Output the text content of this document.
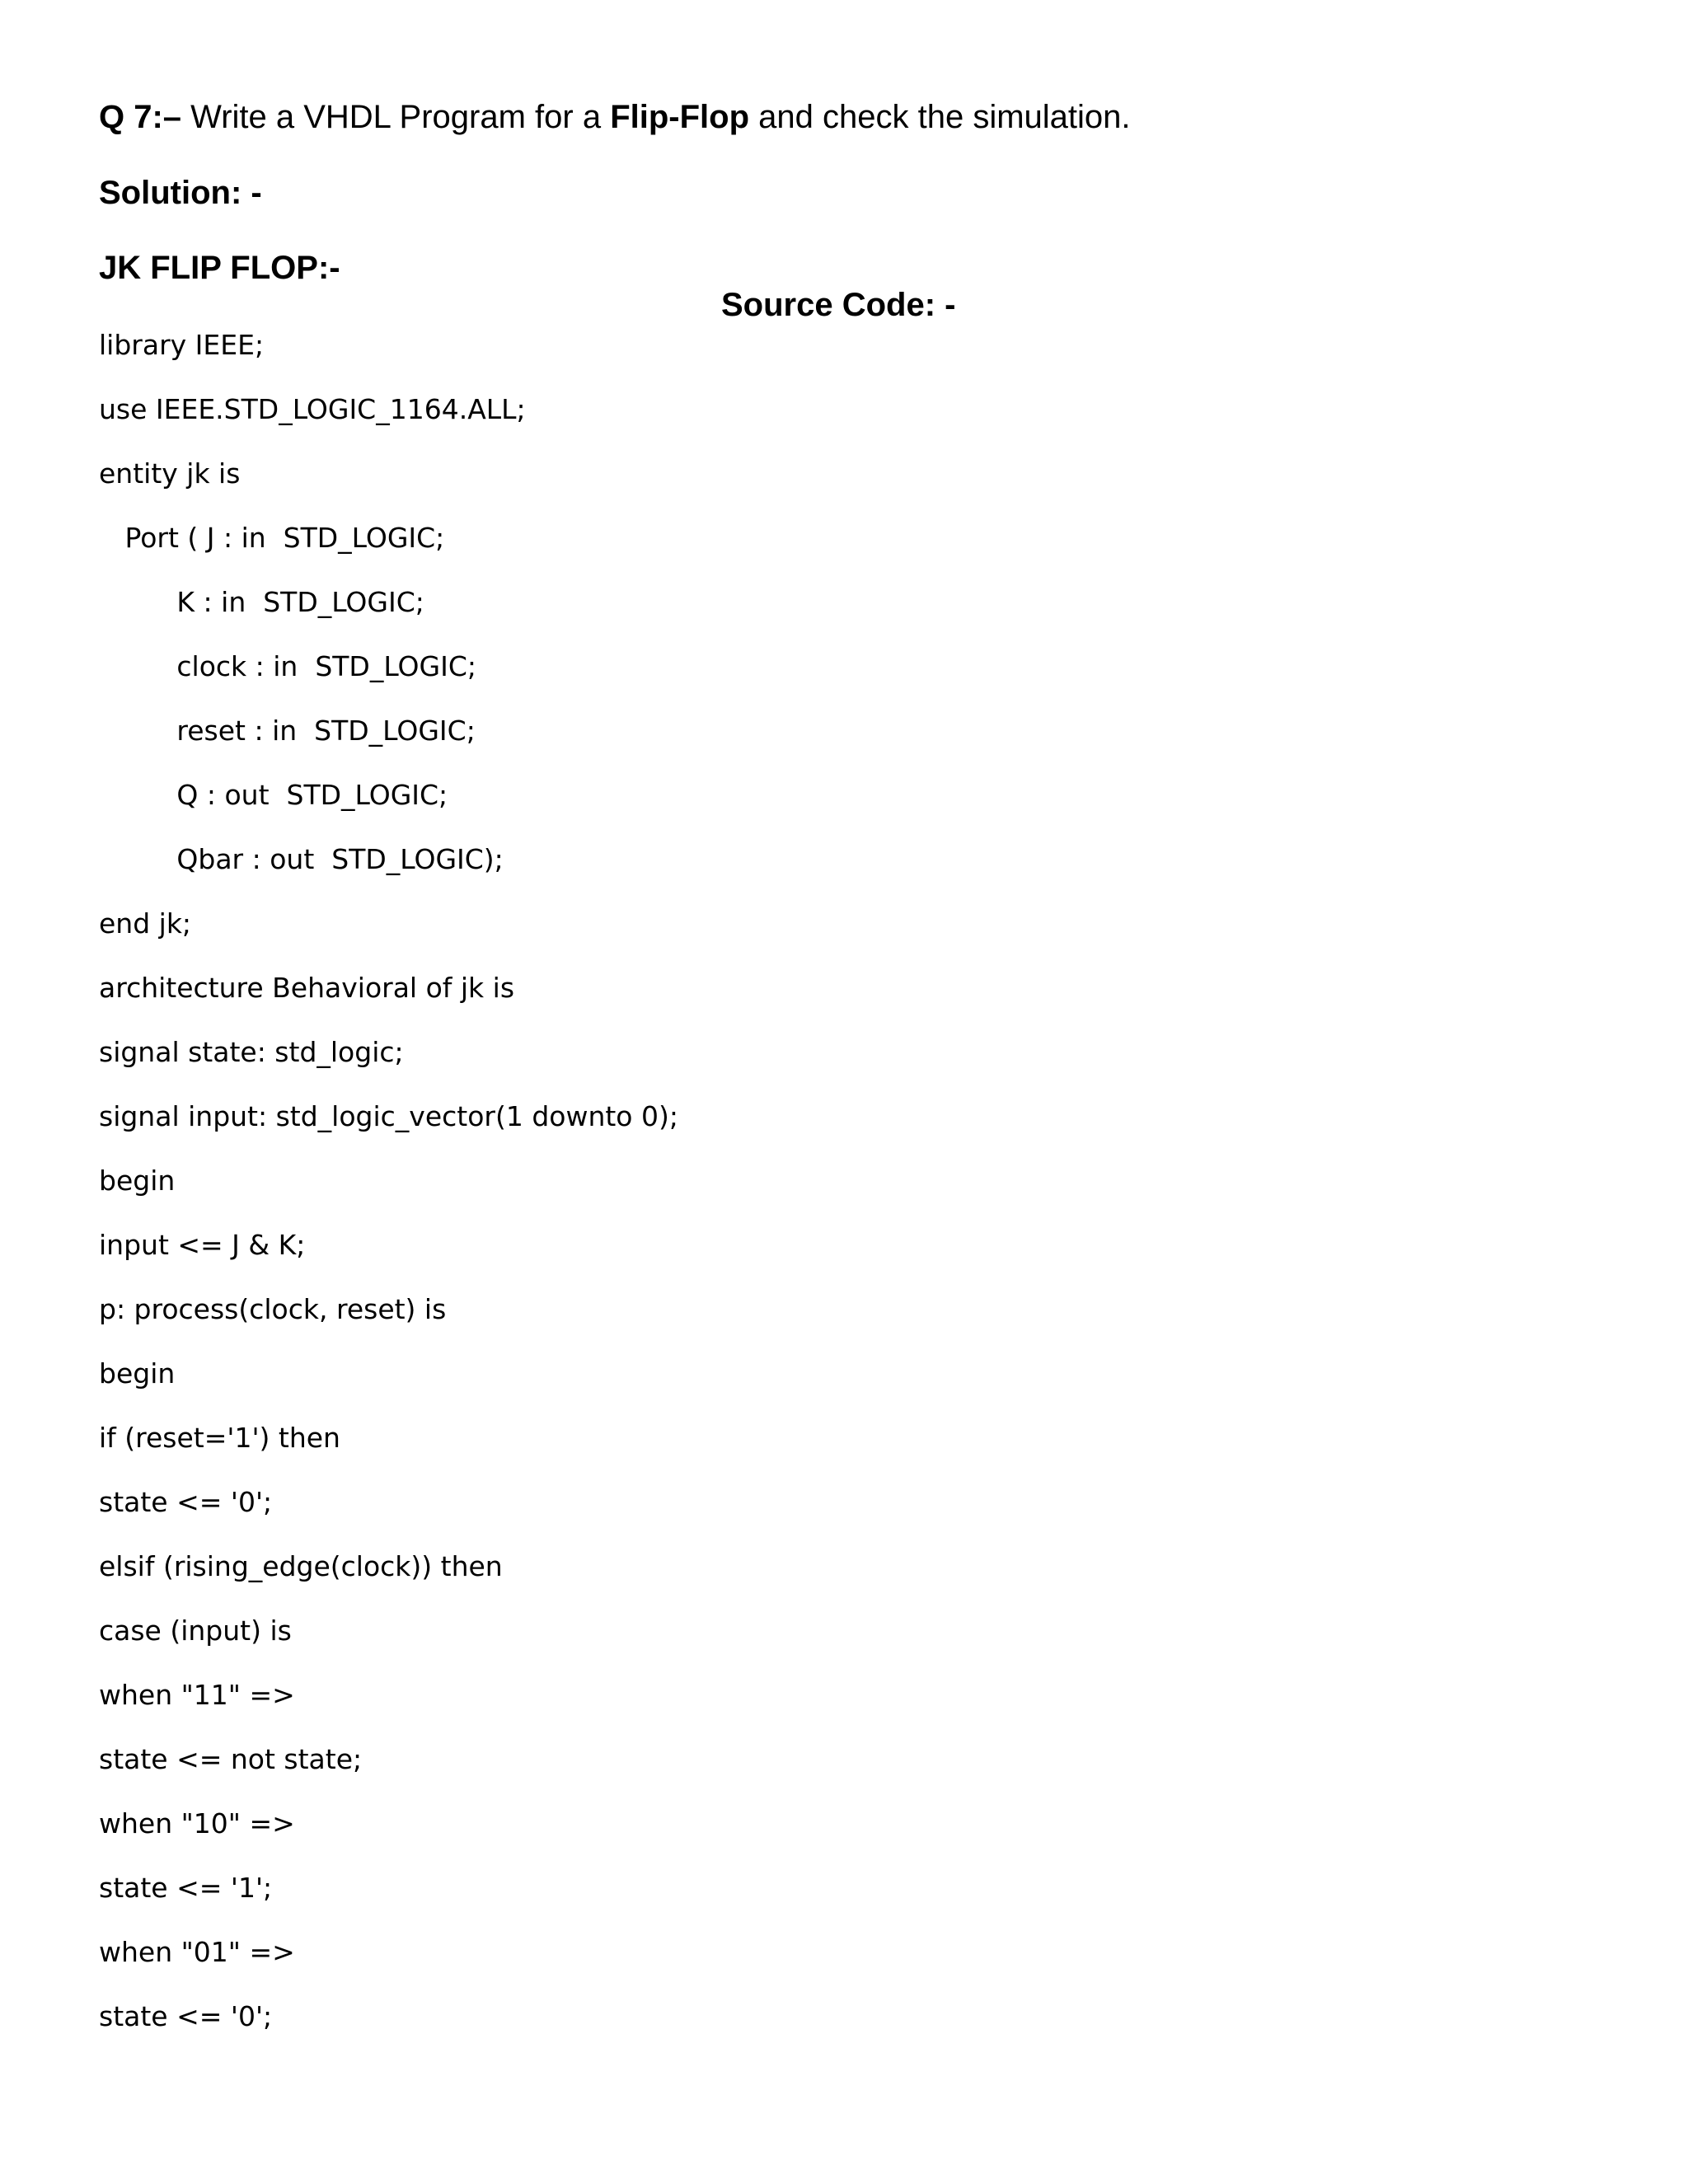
Q 7:– Write a VHDL Program for a Flip-Flop and check the simulation.
Solution: -
JK FLIP FLOP:-
Source Code: -
library IEEE;
use IEEE.STD_LOGIC_1164.ALL;
entity jk is
Port ( J : in  STD_LOGIC;
K : in  STD_LOGIC;
clock : in  STD_LOGIC;
reset : in  STD_LOGIC;
Q : out  STD_LOGIC;
Qbar : out  STD_LOGIC);
end jk;
architecture Behavioral of jk is
signal state: std_logic;
signal input: std_logic_vector(1 downto 0);
begin
input <= J & K;
p: process(clock, reset) is
begin
if (reset='1') then
state <= '0';
elsif (rising_edge(clock)) then
case (input) is
when "11" =>
state <= not state;
when "10" =>
state <= '1';
when "01" =>
state <= '0';
